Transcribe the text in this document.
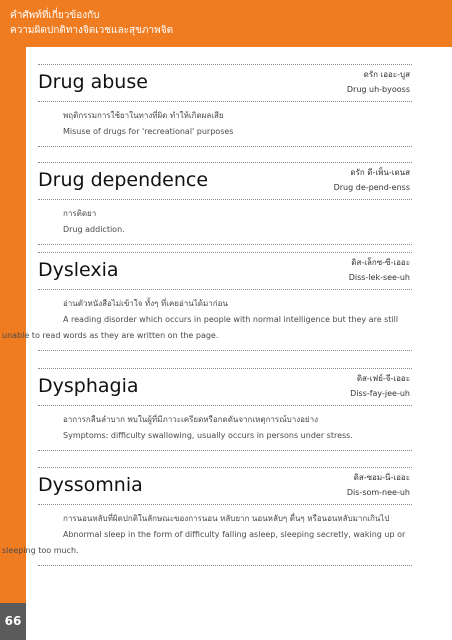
คำศัพท์ที่เกี่ยวข้องกับ
ความผิดปกติทางจิตเวชและสุขภาพจิต
66
Drug abuse	ดรัก เออะ-บูส
Drug uh-byooss

พฤติกรรมการใช้ยาในทางที่ผิด ทำให้เกิดผลเสีย

Misuse of drugs for 'recreational' purposes

Drug dependence	ดรัก ดี-เพ็น-เดนส
Drug de-pend-enss

การติดยา

Drug addiction.

Dyslexia	ดิส-เล็กซ-ซี-เออะ
Diss-lek-see-uh

อ่านตัวหนังสือไม่เข้าใจ ทั้งๆ ที่เคยอ่านได้มาก่อน

A reading disorder which occurs in people with normal intelligence but they are still unable to read words as they are written on the page.

Dysphagia	ดิส-เฟย์-จี-เออะ
Diss-fay-jee-uh

อาการกลืนลำบาก พบในผู้ที่มีภาวะเครียดหรือกดดันจากเหตุการณ์บางอย่าง

Symptoms: difficulty swallowing, usually occurs in persons under stress.

Dyssomnia	ดิส-ซอม-นี-เออะ
Dis-som-nee-uh

การนอนหลับที่ผิดปกติในลักษณะของการนอน หลับยาก นอนหลับๆ ตื่นๆ หรือนอนหลับมากเกินไป

Abnormal sleep in the form of difficulty falling asleep, sleeping secretly, waking up or sleeping too much.
